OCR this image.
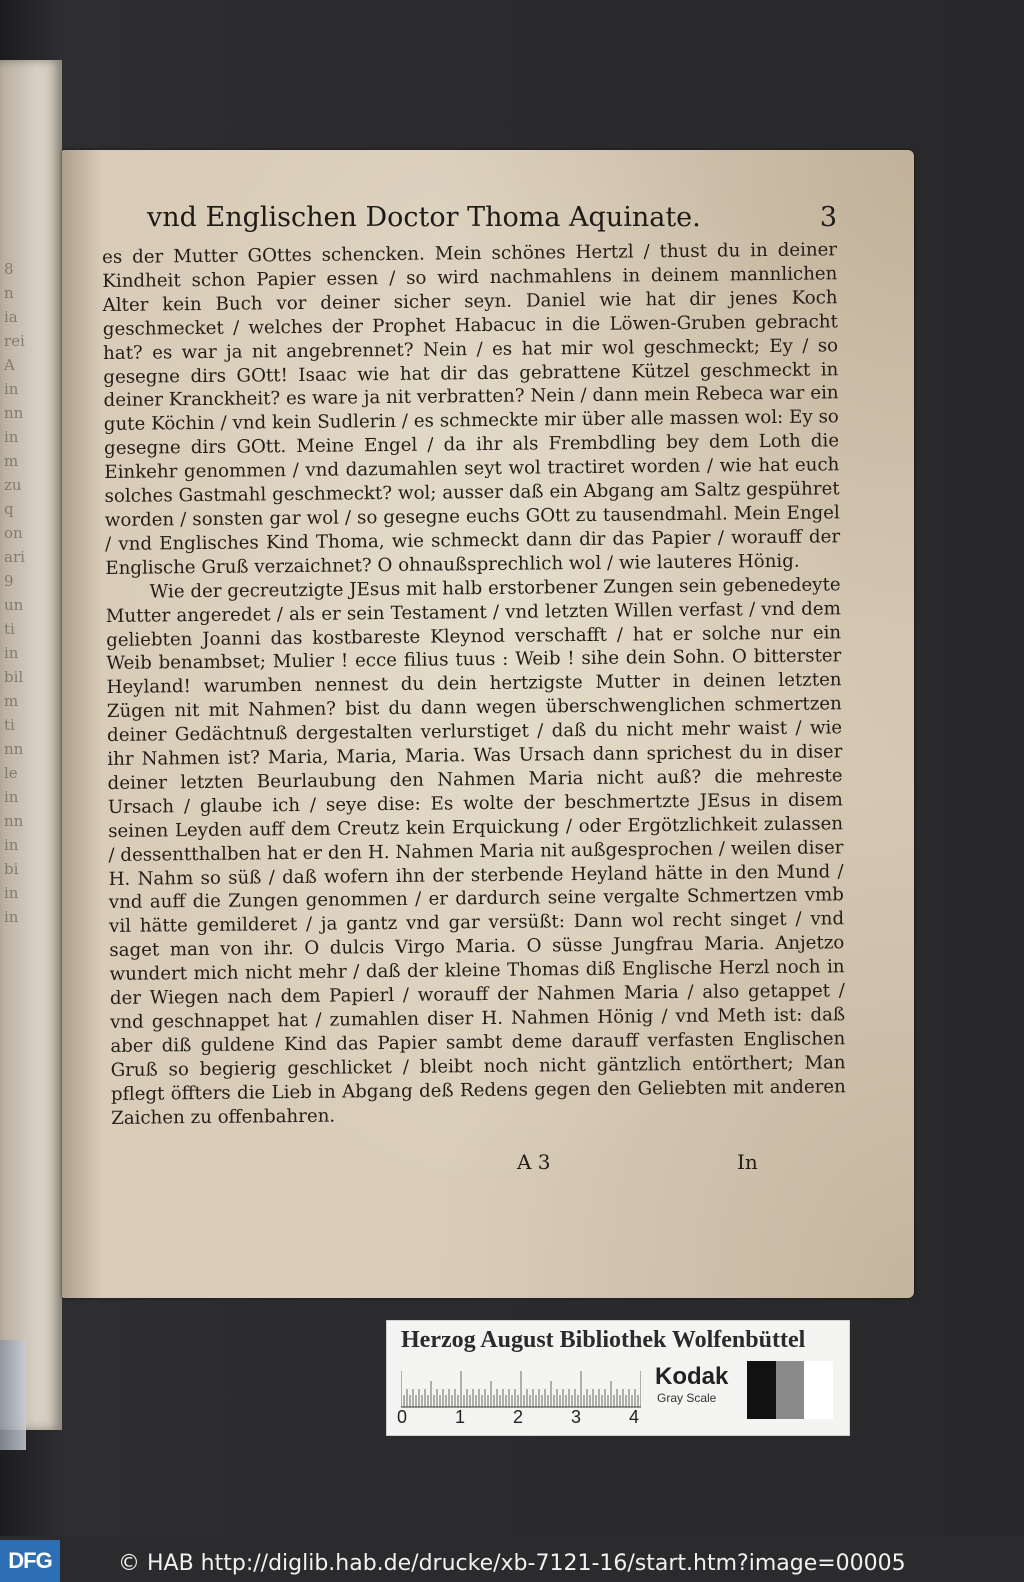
8
n
ia
rei
A
in
nn
in
m
zu
q
on
ari
9
un
ti
in
bil
m
ti
nn
le
in
nn
in
bi
in
in
vnd Englischen Doctor Thoma Aquinate.	3

es der Mutter GOttes schencken. Mein schönes Hertzl / thust du in deiner Kindheit schon Papier essen / so wird nachmahlens in deinem mannlichen Alter kein Buch vor deiner sicher seyn. Daniel wie hat dir jenes Koch geschmecket / welches der Prophet Habacuc in die Löwen-Gruben gebracht hat? es war ja nit angebrennet? Nein / es hat mir wol geschmeckt; Ey / so gesegne dirs GOtt! Isaac wie hat dir das gebrattene Kützel geschmeckt in deiner Kranckheit? es ware ja nit verbratten? Nein / dann mein Rebeca war ein gute Köchin / vnd kein Sudlerin / es schmeckte mir über alle massen wol: Ey so gesegne dirs GOtt. Meine Engel / da ihr als Frembdling bey dem Loth die Einkehr genommen / vnd dazumahlen seyt wol tractiret worden / wie hat euch solches Gastmahl geschmeckt? wol; ausser daß ein Abgang am Saltz gespühret worden / sonsten gar wol / so gesegne euchs GOtt zu tausendmahl. Mein Engel / vnd Englisches Kind Thoma, wie schmeckt dann dir das Papier / worauff der Englische Gruß verzaichnet? O ohnaußsprechlich wol / wie lauteres Hönig.

Wie der gecreutzigte JEsus mit halb erstorbener Zungen sein gebenedeyte Mutter angeredet / als er sein Testament / vnd letzten Willen verfast / vnd dem geliebten Joanni das kostbareste Kleynod verschafft / hat er solche nur ein Weib benambset; Mulier ! ecce filius tuus : Weib ! sihe dein Sohn. O bitterster Heyland! warumben nennest du dein hertzigste Mutter in deinen letzten Zügen nit mit Nahmen? bist du dann wegen überschwenglichen schmertzen deiner Gedächtnuß dergestalten verlurstiget / daß du nicht mehr waist / wie ihr Nahmen ist? Maria, Maria, Maria. Was Ursach dann sprichest du in diser deiner letzten Beurlaubung den Nahmen Maria nicht auß? die mehreste Ursach / glaube ich / seye dise: Es wolte der beschmertzte JEsus in disem seinen Leyden auff dem Creutz kein Erquickung / oder Ergötzlichkeit zulassen / dessentthalben hat er den H. Nahmen Maria nit außgesprochen / weilen diser H. Nahm so süß / daß wofern ihn der sterbende Heyland hätte in den Mund / vnd auff die Zungen genommen / er dardurch seine vergalte Schmertzen vmb vil hätte gemilderet / ja gantz vnd gar versüßt: Dann wol recht singet / vnd saget man von ihr. O dulcis Virgo Maria. O süsse Jungfrau Maria. Anjetzo wundert mich nicht mehr / daß der kleine Thomas diß Englische Herzl noch in der Wiegen nach dem Papierl / worauff der Nahmen Maria / also getappet / vnd geschnappet hat / zumahlen diser H. Nahmen Hönig / vnd Meth ist: daß aber diß guldene Kind das Papier sambt deme darauff verfasten Englischen Gruß so begierig geschlicket / bleibt noch nicht gäntzlich entörthert; Man pflegt öffters die Lieb in Abgang deß Redens gegen den Geliebten mit anderen Zaichen zu offenbahren.

A 3	In
Herzog August Bibliothek Wolfenbüttel
0	1	2	3	4
Kodak
Gray Scale
DFG	© HAB http://diglib.hab.de/drucke/xb-7121-16/start.htm?image=00005
